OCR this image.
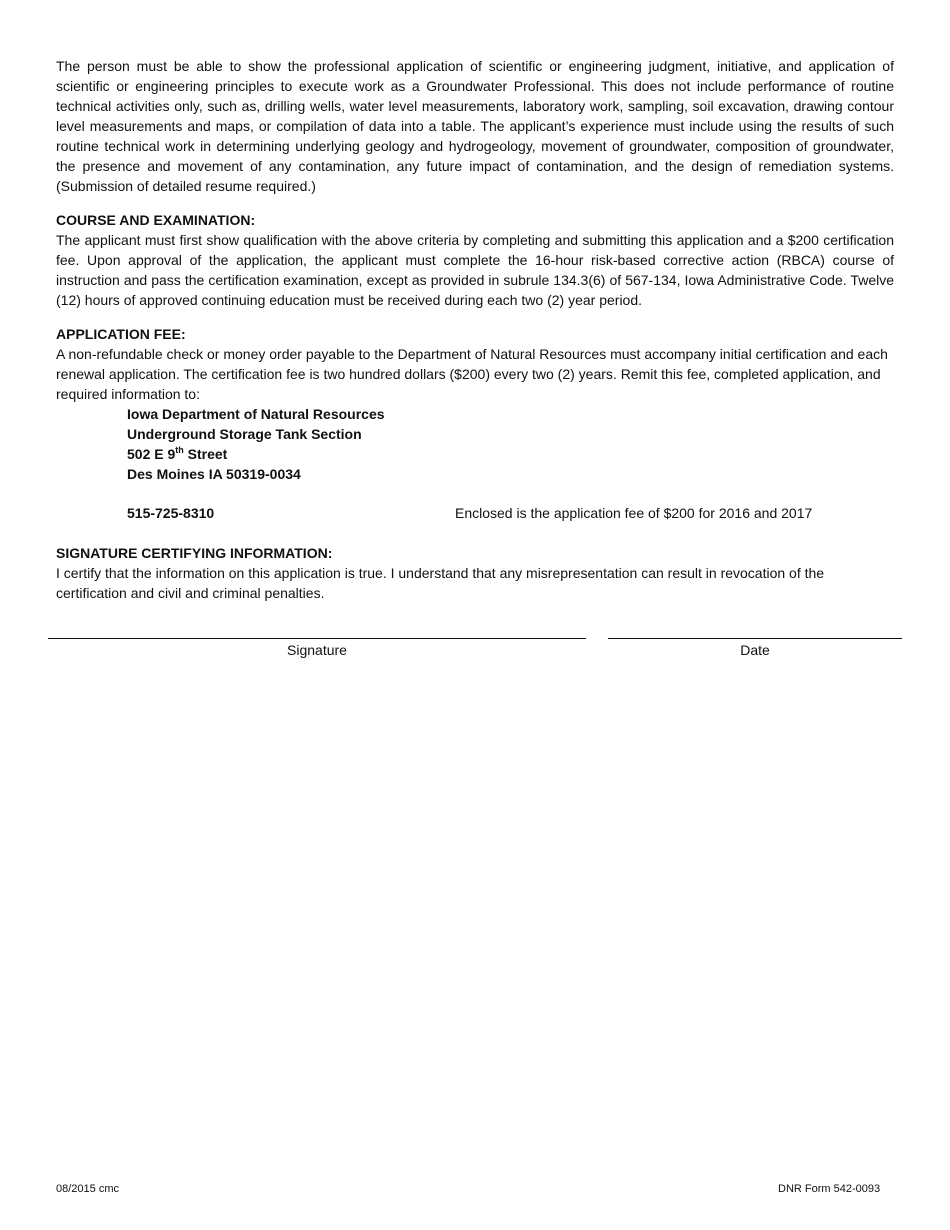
The person must be able to show the professional application of scientific or engineering judgment, initiative, and application of scientific or engineering principles to execute work as a Groundwater Professional. This does not include performance of routine technical activities only, such as, drilling wells, water level measurements, laboratory work, sampling, soil excavation, drawing contour level measurements and maps, or compilation of data into a table. The applicant’s experience must include using the results of such routine technical work in determining underlying geology and hydrogeology, movement of groundwater, composition of groundwater, the presence and movement of any contamination, any future impact of contamination, and the design of remediation systems. (Submission of detailed resume required.)

COURSE AND EXAMINATION:

The applicant must first show qualification with the above criteria by completing and submitting this application and a $200 certification fee. Upon approval of the application, the applicant must complete the 16-hour risk-based corrective action (RBCA) course of instruction and pass the certification examination, except as provided in subrule 134.3(6) of 567-134, Iowa Administrative Code. Twelve (12) hours of approved continuing education must be received during each two (2) year period.

APPLICATION FEE:

A non-refundable check or money order payable to the Department of Natural Resources must accompany initial certification and each renewal application. The certification fee is two hundred dollars ($200) every two (2) years. Remit this fee, completed application, and required information to:

Iowa Department of Natural Resources
Underground Storage Tank Section
502 E 9th Street
Des Moines IA 50319-0034
515-725-8310	Enclosed is the application fee of $200 for 2016 and 2017

SIGNATURE CERTIFYING INFORMATION:

I certify that the information on this application is true. I understand that any misrepresentation can result in revocation of the certification and civil and criminal penalties.

Signature	Date
08/2015 cmc	DNR Form 542-0093
